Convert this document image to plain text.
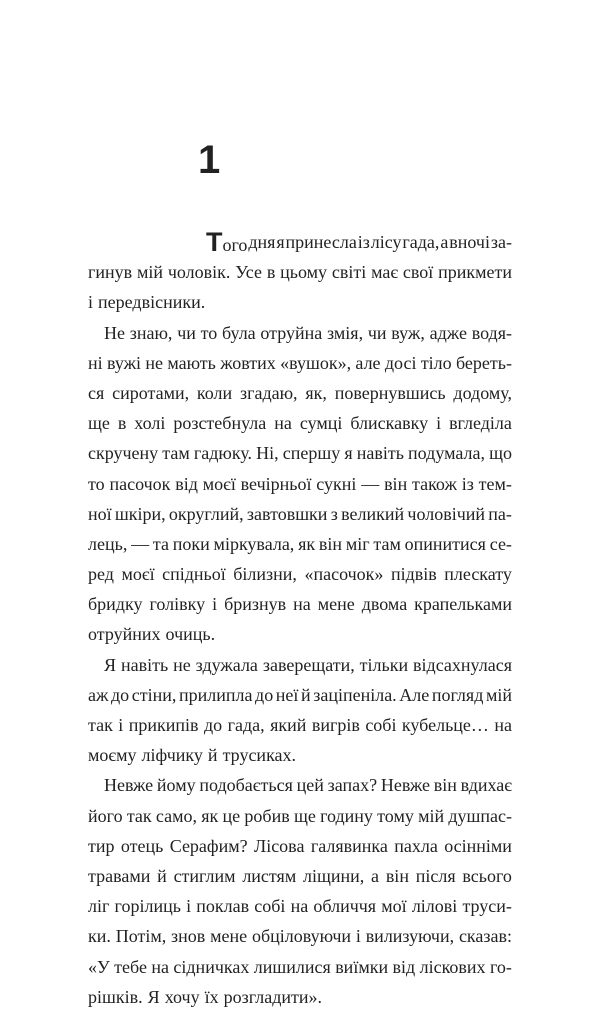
1
Того дня я принесла із лісу гада, а вночі за-
гинув мій чоловік. Усе в цьому світі має свої прикмети
і передвісники.
Не знаю, чи то була отруйна змія, чи вуж, адже водя-
ні вужі не мають жовтих «вушок», але досі тіло береть-
ся сиротами, коли згадаю, як, повернувшись додому,
ще в холі розстебнула на сумці блискавку і вгледіла
скручену там гадюку. Ні, спершу я навіть подумала, що
то пасочок від моєї вечірньої сукні — він також із тем-
ної шкіри, округлий, завтовшки з великий чоловічий па-
лець, — та поки міркувала, як він міг там опинитися се-
ред моєї спідньої білизни, «пасочок» підвів плескату
бридку голівку і бризнув на мене двома крапельками
отруйних очиць.
Я навіть не здужала заверещати, тільки відсахнулася
аж до стіни, прилипла до неї й заціпеніла. Але погляд мій
так і прикипів до гада, який вигрів собі кубельце… на
моєму ліфчику й трусиках.
Невже йому подобається цей запах? Невже він вдихає
його так само, як це робив ще годину тому мій душпас-
тир отець Серафим? Лісова галявинка пахла осінніми
травами й стиглим листям ліщини, а він після всього
ліг горілиць і поклав собі на обличчя мої лілові труси-
ки. Потім, знов мене обціловуючи і вилизуючи, сказав:
«У тебе на сідничках лишилися виїмки від ліскових го-
рішків. Я хочу їх розгладити».
